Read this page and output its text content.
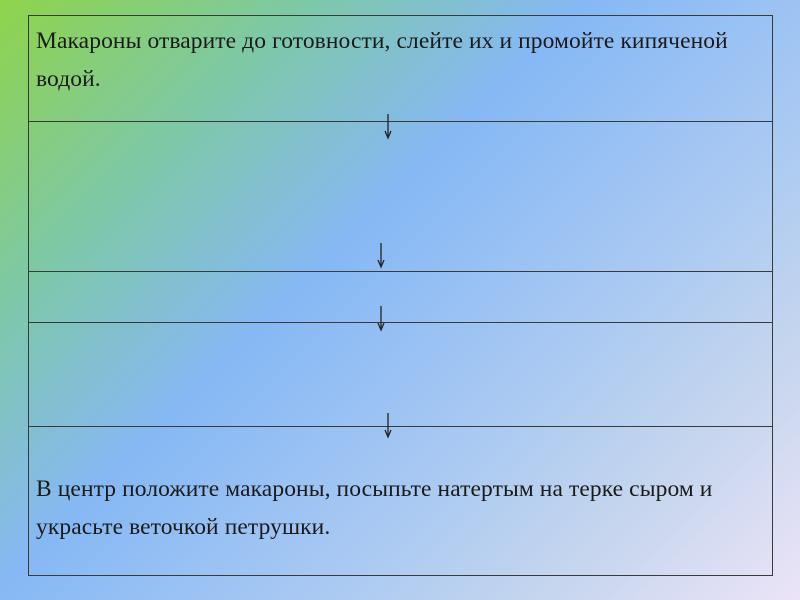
Макароны отварите до готовности, слейте их и промойте кипяченой водой.
В центр положите макароны, посыпьте натертым на терке сыром и украсьте веточкой петрушки.
